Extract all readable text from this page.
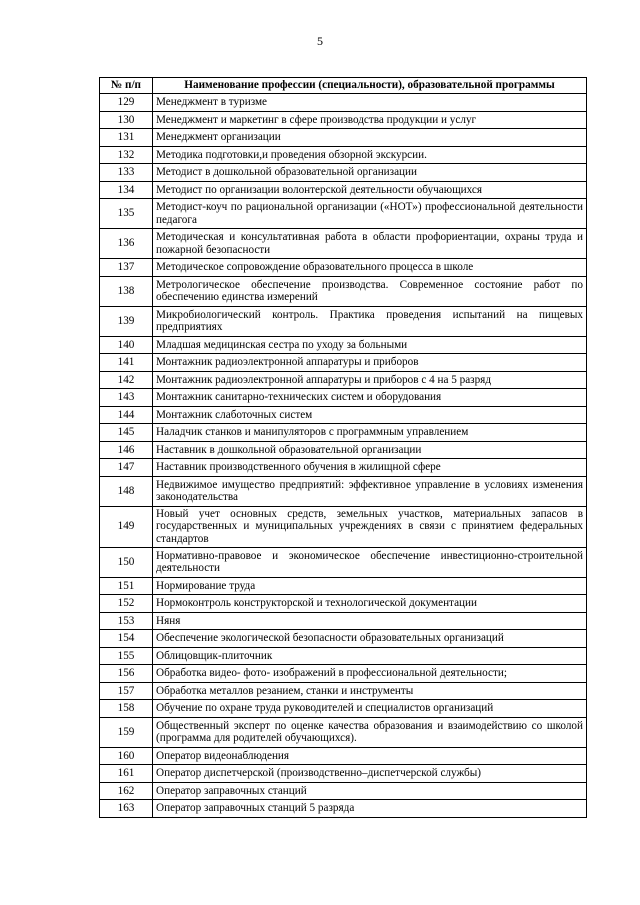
5
№ п/п	Наименование профессии (специальности), образовательной программы
129	Менеджмент в туризме
130	Менеджмент и маркетинг в сфере производства продукции и услуг
131	Менеджмент организации
132	Методика подготовки,и проведения обзорной экскурсии.
133	Методист в дошкольной образовательной организации
134	Методист по организации волонтерской деятельности обучающихся
135	Методист-коуч по рациональной организации («НОТ») профессиональной деятельности педагога
136	Методическая и консультативная работа в области профориентации, охраны труда и пожарной безопасности
137	Методическое сопровождение образовательного процесса в школе
138	Метрологическое обеспечение производства. Современное состояние работ по обеспечению единства измерений
139	Микробиологический контроль. Практика проведения испытаний на пищевых предприятиях
140	Младшая медицинская сестра по уходу за больными
141	Монтажник радиоэлектронной аппаратуры и приборов
142	Монтажник радиоэлектронной аппаратуры и приборов с 4 на 5 разряд
143	Монтажник санитарно-технических систем и оборудования
144	Монтажник слаботочных систем
145	Наладчик станков и манипуляторов с программным управлением
146	Наставник в дошкольной образовательной организации
147	Наставник производственного обучения в жилищной сфере
148	Недвижимое имущество предприятий: эффективное управление в условиях изменения законодательства
149	Новый учет основных средств, земельных участков, материальных запасов в государственных и муниципальных учреждениях в связи с принятием федеральных стандартов
150	Нормативно-правовое и экономическое обеспечение инвестиционно-строительной деятельности
151	Нормирование труда
152	Нормоконтроль конструкторской и технологической документации
153	Няня
154	Обеспечение экологической безопасности образовательных организаций
155	Облицовщик-плиточник
156	Обработка видео- фото- изображений в профессиональной деятельности;
157	Обработка металлов резанием, станки и инструменты
158	Обучение по охране труда руководителей и специалистов организаций
159	Общественный эксперт по оценке качества образования и взаимодействию со школой (программа для родителей обучающихся).
160	Оператор видеонаблюдения
161	Оператор диспетчерской (производственно–диспетчерской службы)
162	Оператор заправочных станций
163	Оператор заправочных станций 5 разряда
